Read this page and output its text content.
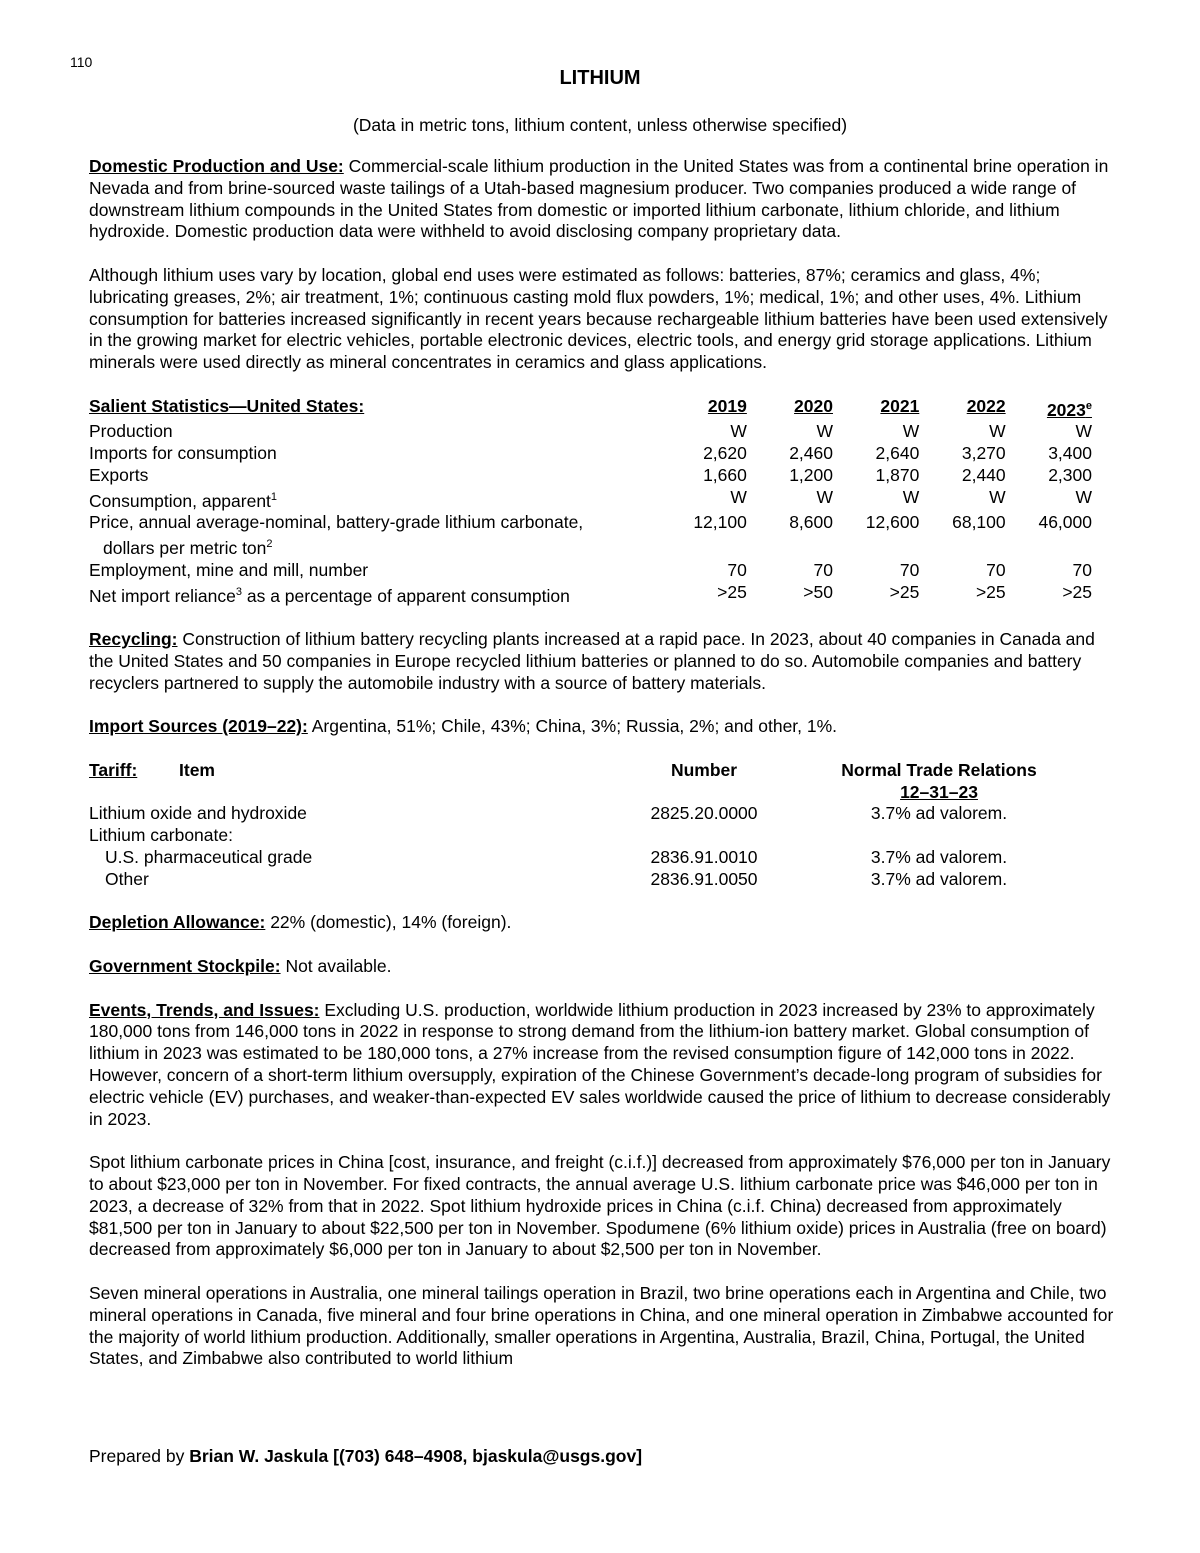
110
LITHIUM
(Data in metric tons, lithium content, unless otherwise specified)

Domestic Production and Use: Commercial-scale lithium production in the United States was from a continental brine operation in Nevada and from brine-sourced waste tailings of a Utah-based magnesium producer. Two companies produced a wide range of downstream lithium compounds in the United States from domestic or imported lithium carbonate, lithium chloride, and lithium hydroxide. Domestic production data were withheld to avoid disclosing company proprietary data.

Although lithium uses vary by location, global end uses were estimated as follows: batteries, 87%; ceramics and glass, 4%; lubricating greases, 2%; air treatment, 1%; continuous casting mold flux powders, 1%; medical, 1%; and other uses, 4%. Lithium consumption for batteries increased significantly in recent years because rechargeable lithium batteries have been used extensively in the growing market for electric vehicles, portable electronic devices, electric tools, and energy grid storage applications. Lithium minerals were used directly as mineral concentrates in ceramics and glass applications.

Salient Statistics—United States:	2019	2020	2021	2022	2023e
Production	W	W	W	W	W
Imports for consumption	2,620	2,460	2,640	3,270	3,400
Exports	1,660	1,200	1,870	2,440	2,300
Consumption, apparent$^1$	W	W	W	W	W
Price, annual average-nominal, battery-grade lithium carbonate,	12,100	8,600	12,600	68,100	46,000
dollars per metric ton$^2$					
Employment, mine and mill, number	70	70	70	70	70
Net import reliance$^3$ as a percentage of apparent consumption	>25	>50	>25	>25	>25

Recycling: Construction of lithium battery recycling plants increased at a rapid pace. In 2023, about 40 companies in Canada and the United States and 50 companies in Europe recycled lithium batteries or planned to do so. Automobile companies and battery recyclers partnered to supply the automobile industry with a source of battery materials.

Import Sources (2019–22): Argentina, 51%; Chile, 43%; China, 3%; Russia, 2%; and other, 1%.

Tariff:	Item	Number	Normal Trade Relations
12–31–23

Lithium oxide and hydroxide		2825.20.0000	3.7% ad valorem.
Lithium carbonate:			
U.S. pharmaceutical grade		2836.91.0010	3.7% ad valorem.
Other		2836.91.0050	3.7% ad valorem.

Depletion Allowance: 22% (domestic), 14% (foreign).

Government Stockpile: Not available.

Events, Trends, and Issues: Excluding U.S. production, worldwide lithium production in 2023 increased by 23% to approximately 180,000 tons from 146,000 tons in 2022 in response to strong demand from the lithium-ion battery market. Global consumption of lithium in 2023 was estimated to be 180,000 tons, a 27% increase from the revised consumption figure of 142,000 tons in 2022. However, concern of a short-term lithium oversupply, expiration of the Chinese Government’s decade-long program of subsidies for electric vehicle (EV) purchases, and weaker-than-expected EV sales worldwide caused the price of lithium to decrease considerably in 2023.

Spot lithium carbonate prices in China [cost, insurance, and freight (c.i.f.)] decreased from approximately $76,000 per ton in January to about $23,000 per ton in November. For fixed contracts, the annual average U.S. lithium carbonate price was $46,000 per ton in 2023, a decrease of 32% from that in 2022. Spot lithium hydroxide prices in China (c.i.f. China) decreased from approximately $81,500 per ton in January to about $22,500 per ton in November. Spodumene (6% lithium oxide) prices in Australia (free on board) decreased from approximately $6,000 per ton in January to about $2,500 per ton in November.

Seven mineral operations in Australia, one mineral tailings operation in Brazil, two brine operations each in Argentina and Chile, two mineral operations in Canada, five mineral and four brine operations in China, and one mineral operation in Zimbabwe accounted for the majority of world lithium production. Additionally, smaller operations in Argentina, Australia, Brazil, China, Portugal, the United States, and Zimbabwe also contributed to world lithium

Prepared by Brian W. Jaskula [(703) 648–4908, bjaskula@usgs.gov]
